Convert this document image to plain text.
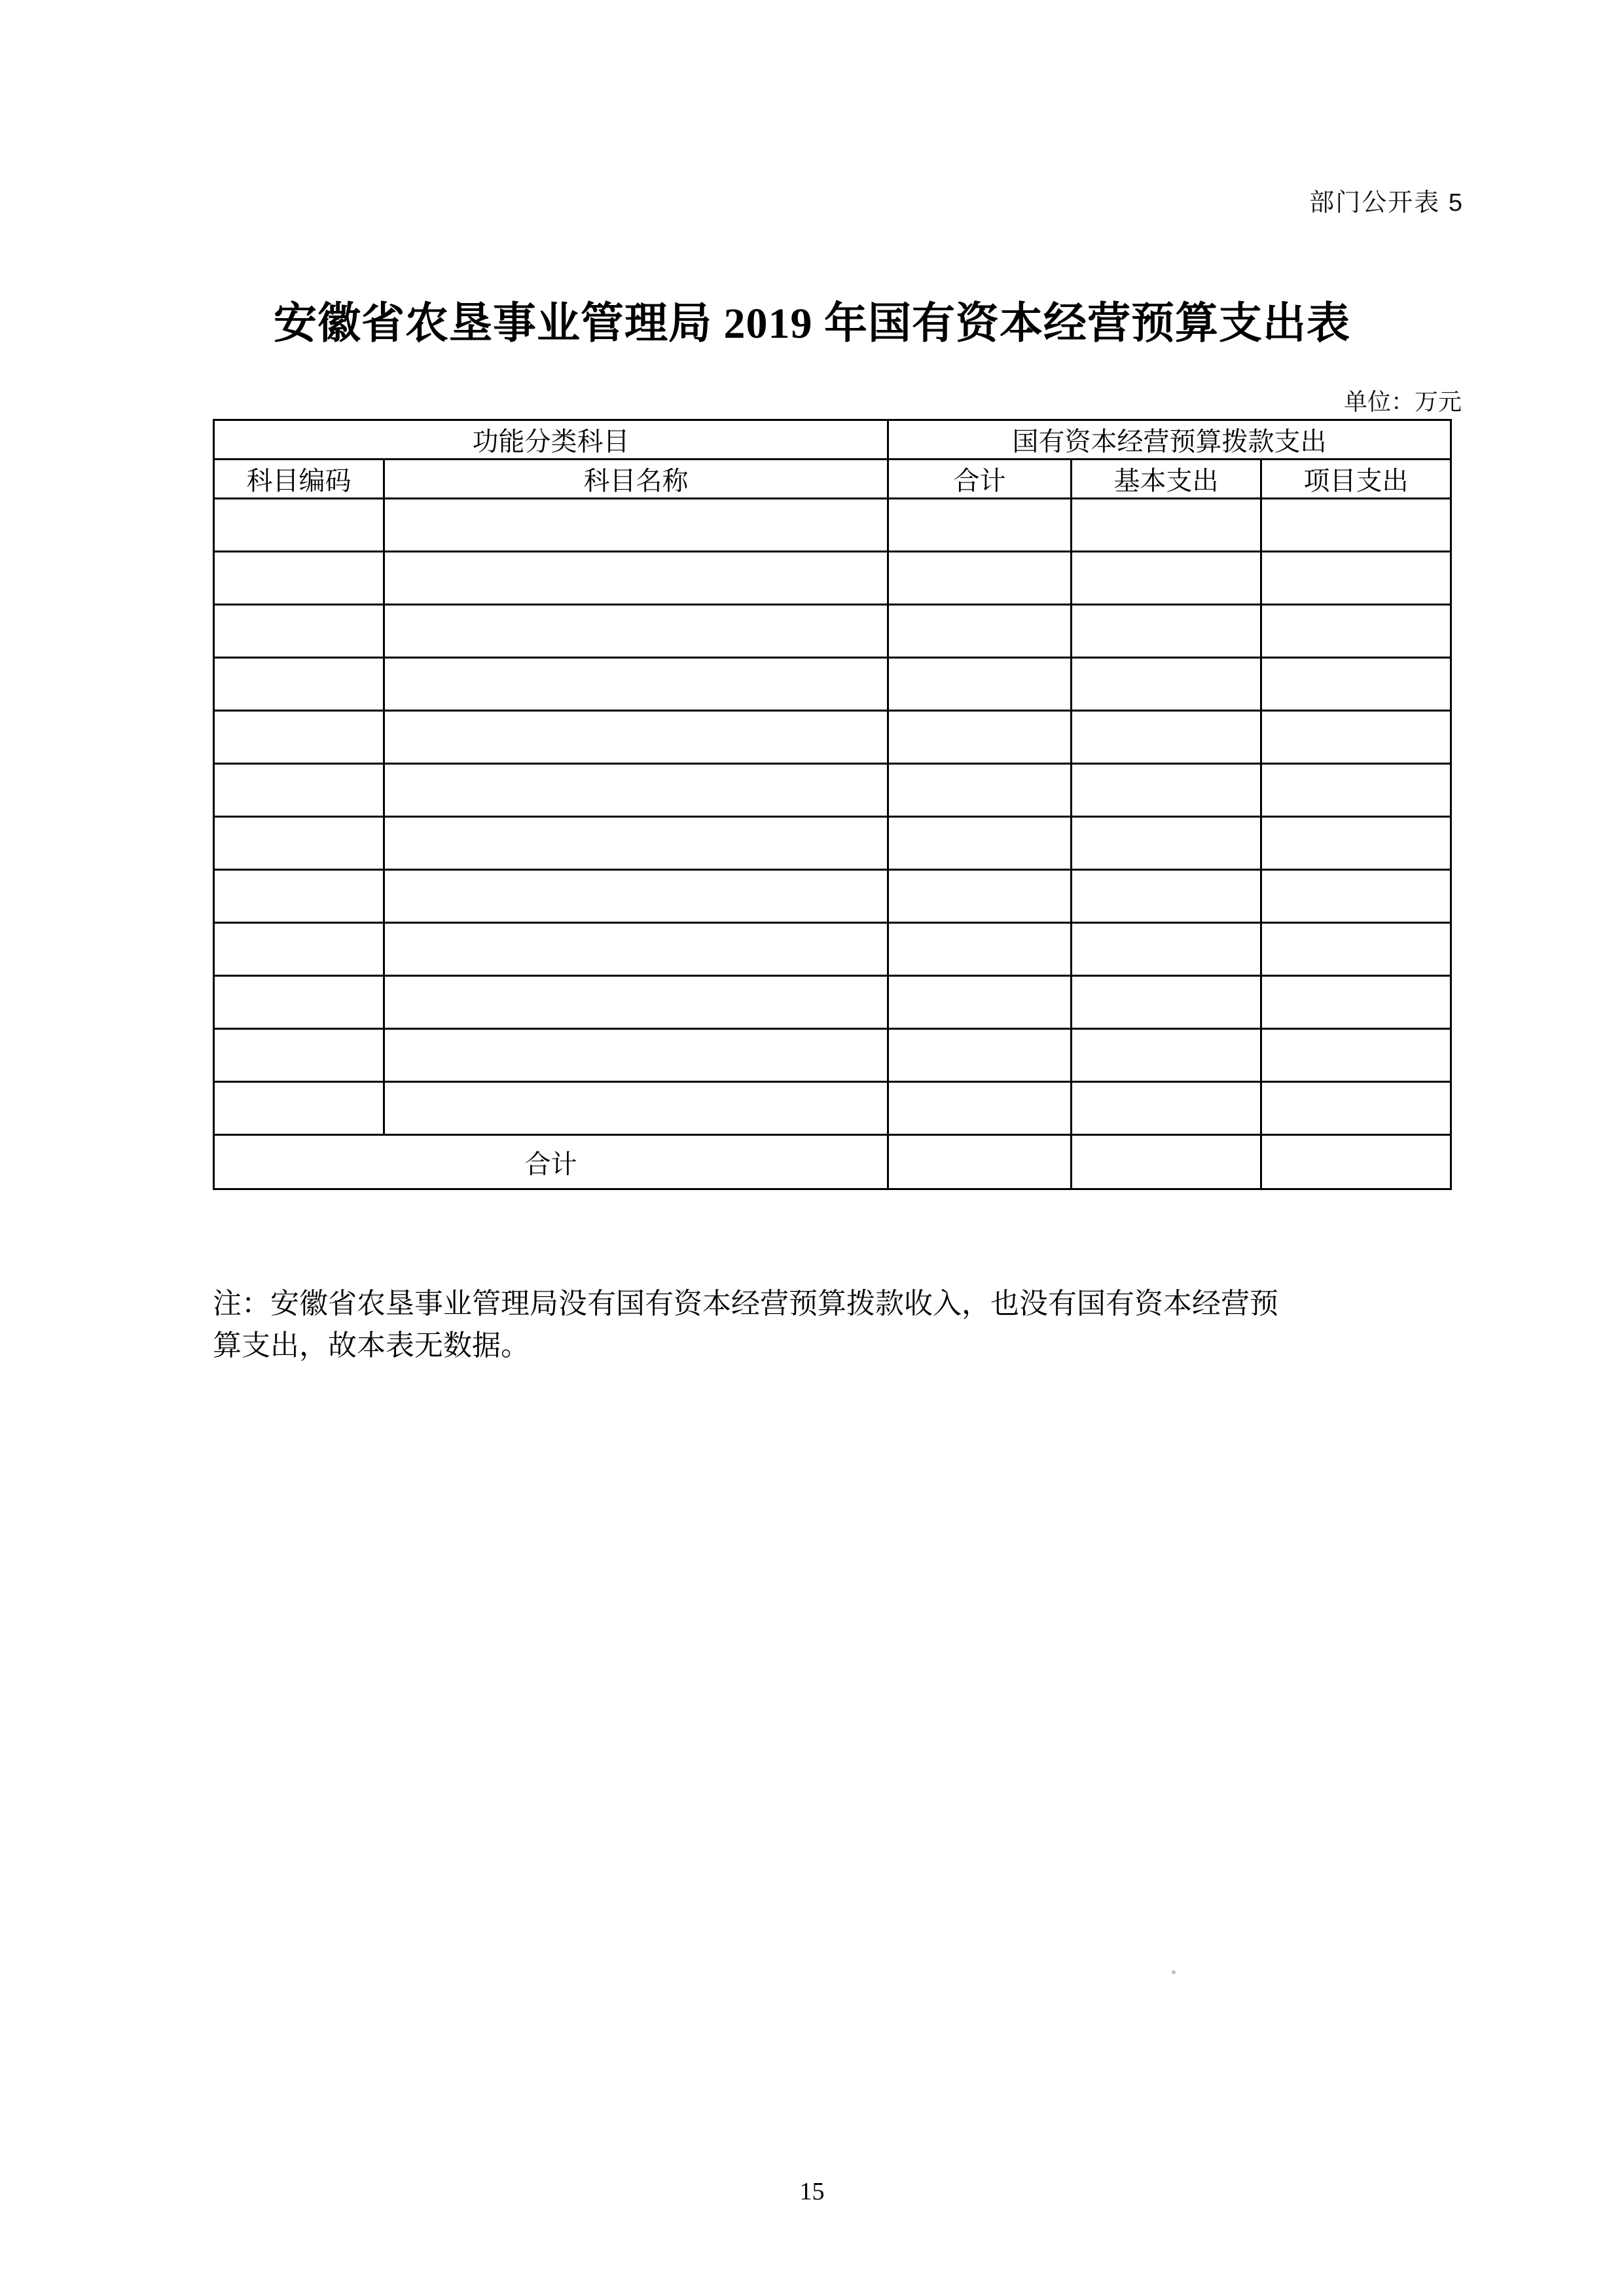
部门公开表 5
安徽省农垦事业管理局 2019 年国有资本经营预算支出表
单位：万元
功能分类科目		国有资本经营预算拨款支出		
科目编码	科目名称	合计	基本支出	项目支出

合计				
注：安徽省农垦事业管理局没有国有资本经营预算拨款收入，也没有国有资本经营预
算支出，故本表无数据。
15
